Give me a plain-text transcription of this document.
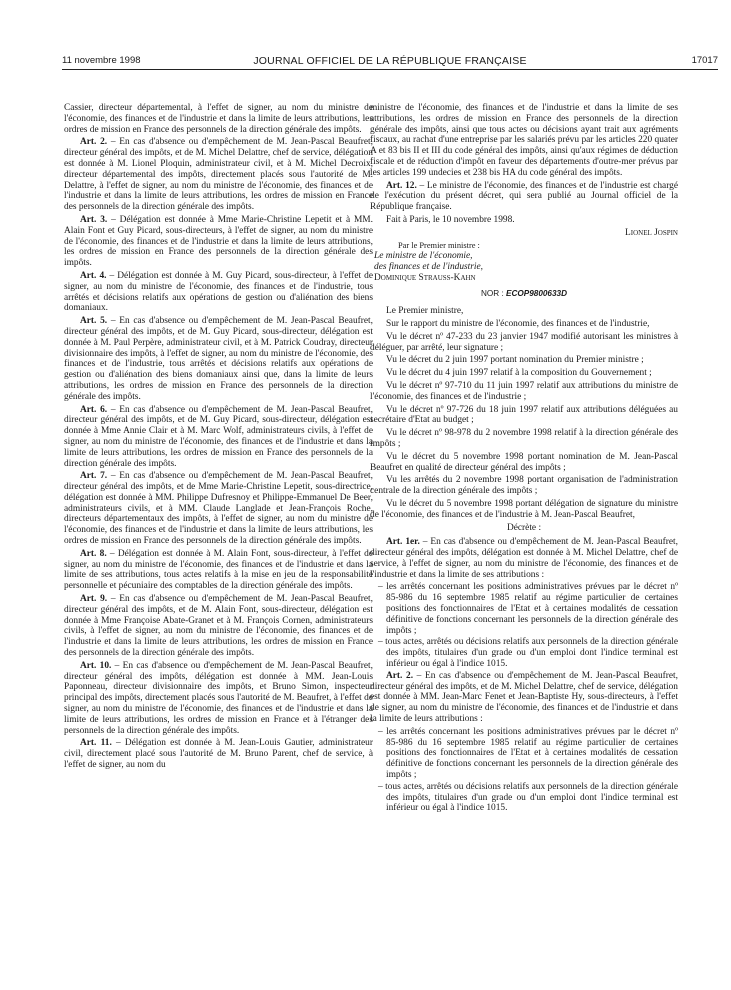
11 novembre 1998	JOURNAL OFFICIEL DE LA RÉPUBLIQUE FRANÇAISE	17017

Cassier, directeur départemental, à l'effet de signer, au nom du ministre de l'économie, des finances et de l'industrie et dans la limite de leurs attributions, les ordres de mission en France des personnels de la direction générale des impôts.

Art. 2. – En cas d'absence ou d'empêchement de M. Jean-Pascal Beaufret, directeur général des impôts, et de M. Michel Delattre, chef de service, délégation est donnée à M. Lionel Ploquin, administrateur civil, et à M. Michel Decroix, directeur départemental des impôts, directement placés sous l'autorité de M. Delattre, à l'effet de signer, au nom du ministre de l'économie, des finances et de l'industrie et dans la limite de leurs attributions, les ordres de mission en France des personnels de la direction générale des impôts.

Art. 3. – Délégation est donnée à Mme Marie-Christine Lepetit et à MM. Alain Font et Guy Picard, sous-directeurs, à l'effet de signer, au nom du ministre de l'économie, des finances et de l'industrie et dans la limite de leurs attributions, les ordres de mission en France des personnels de la direction générale des impôts.

Art. 4. – Délégation est donnée à M. Guy Picard, sous-directeur, à l'effet de signer, au nom du ministre de l'économie, des finances et de l'industrie, tous arrêtés et décisions relatifs aux opérations de gestion ou d'aliénation des biens domaniaux.

Art. 5. – En cas d'absence ou d'empêchement de M. Jean-Pascal Beaufret, directeur général des impôts, et de M. Guy Picard, sous-directeur, délégation est donnée à M. Paul Perpère, administrateur civil, et à M. Patrick Coudray, directeur divisionnaire des impôts, à l'effet de signer, au nom du ministre de l'économie, des finances et de l'industrie, tous arrêtés et décisions relatifs aux opérations de gestion ou d'aliénation des biens domaniaux ainsi que, dans la limite de leurs attributions, les ordres de mission en France des personnels de la direction générale des impôts.

Art. 6. – En cas d'absence ou d'empêchement de M. Jean-Pascal Beaufret, directeur général des impôts, et de M. Guy Picard, sous-directeur, délégation est donnée à Mme Annie Clair et à M. Marc Wolf, administrateurs civils, à l'effet de signer, au nom du ministre de l'économie, des finances et de l'industrie et dans la limite de leurs attributions, les ordres de mission en France des personnels de la direction générale des impôts.

Art. 7. – En cas d'absence ou d'empêchement de M. Jean-Pascal Beaufret, directeur général des impôts, et de Mme Marie-Christine Lepetit, sous-directrice, délégation est donnée à MM. Philippe Dufresnoy et Philippe-Emmanuel De Beer, administrateurs civils, et à MM. Claude Langlade et Jean-François Roche, directeurs départementaux des impôts, à l'effet de signer, au nom du ministre de l'économie, des finances et de l'industrie et dans la limite de leurs attributions, les ordres de mission en France des personnels de la direction générale des impôts.

Art. 8. – Délégation est donnée à M. Alain Font, sous-directeur, à l'effet de signer, au nom du ministre de l'économie, des finances et de l'industrie et dans la limite de ses attributions, tous actes relatifs à la mise en jeu de la responsabilité personnelle et pécuniaire des comptables de la direction générale des impôts.

Art. 9. – En cas d'absence ou d'empêchement de M. Jean-Pascal Beaufret, directeur général des impôts, et de M. Alain Font, sous-directeur, délégation est donnée à Mme Françoise Abate-Granet et à M. François Cornen, administrateurs civils, à l'effet de signer, au nom du ministre de l'économie, des finances et de l'industrie et dans la limite de leurs attributions, les ordres de mission en France des personnels de la direction générale des impôts.

Art. 10. – En cas d'absence ou d'empêchement de M. Jean-Pascal Beaufret, directeur général des impôts, délégation est donnée à MM. Jean-Louis Paponneau, directeur divisionnaire des impôts, et Bruno Simon, inspecteur principal des impôts, directement placés sous l'autorité de M. Beaufret, à l'effet de signer, au nom du ministre de l'économie, des finances et de l'industrie et dans la limite de leurs attributions, les ordres de mission en France et à l'étranger des personnels de la direction générale des impôts.

Art. 11. – Délégation est donnée à M. Jean-Louis Gautier, administrateur civil, directement placé sous l'autorité de M. Bruno Parent, chef de service, à l'effet de signer, au nom du

ministre de l'économie, des finances et de l'industrie et dans la limite de ses attributions, les ordres de mission en France des personnels de la direction générale des impôts, ainsi que tous actes ou décisions ayant trait aux agréments fiscaux, au rachat d'une entreprise par les salariés prévu par les articles 220 quater A et 83 bis II et III du code général des impôts, ainsi qu'aux régimes de déduction fiscale et de réduction d'impôt en faveur des départements d'outre-mer prévus par les articles 199 undecies et 238 bis HA du code général des impôts.

Art. 12. – Le ministre de l'économie, des finances et de l'industrie est chargé de l'exécution du présent décret, qui sera publié au Journal officiel de la République française.

Fait à Paris, le 10 novembre 1998.

Lionel Jospin

Par le Premier ministre :

Le ministre de l'économie,

des finances et de l'industrie,

Dominique Strauss-Kahn

NOR : ECOP9800633D

Le Premier ministre,

Sur le rapport du ministre de l'économie, des finances et de l'industrie,

Vu le décret nº 47-233 du 23 janvier 1947 modifié autorisant les ministres à déléguer, par arrêté, leur signature ;

Vu le décret du 2 juin 1997 portant nomination du Premier ministre ;

Vu le décret du 4 juin 1997 relatif à la composition du Gouvernement ;

Vu le décret nº 97-710 du 11 juin 1997 relatif aux attributions du ministre de l'économie, des finances et de l'industrie ;

Vu le décret nº 97-726 du 18 juin 1997 relatif aux attributions déléguées au secrétaire d'Etat au budget ;

Vu le décret nº 98-978 du 2 novembre 1998 relatif à la direction générale des impôts ;

Vu le décret du 5 novembre 1998 portant nomination de M. Jean-Pascal Beaufret en qualité de directeur général des impôts ;

Vu les arrêtés du 2 novembre 1998 portant organisation de l'administration centrale de la direction générale des impôts ;

Vu le décret du 5 novembre 1998 portant délégation de signature du ministre de l'économie, des finances et de l'industrie à M. Jean-Pascal Beaufret,

Décrète :

Art. 1er. – En cas d'absence ou d'empêchement de M. Jean-Pascal Beaufret, directeur général des impôts, délégation est donnée à M. Michel Delattre, chef de service, à l'effet de signer, au nom du ministre de l'économie, des finances et de l'industrie et dans la limite de ses attributions :

– les arrêtés concernant les positions administratives prévues par le décret nº 85-986 du 16 septembre 1985 relatif au régime particulier de certaines positions des fonctionnaires de l'Etat et à certaines modalités de cessation définitive de fonctions concernant les personnels de la direction générale des impôts ;

– tous actes, arrêtés ou décisions relatifs aux personnels de la direction générale des impôts, titulaires d'un grade ou d'un emploi dont l'indice terminal est inférieur ou égal à l'indice 1015.

Art. 2. – En cas d'absence ou d'empêchement de M. Jean-Pascal Beaufret, directeur général des impôts, et de M. Michel Delattre, chef de service, délégation est donnée à MM. Jean-Marc Fenet et Jean-Baptiste Hy, sous-directeurs, à l'effet de signer, au nom du ministre de l'économie, des finances et de l'industrie et dans la limite de leurs attributions :

– les arrêtés concernant les positions administratives prévues par le décret nº 85-986 du 16 septembre 1985 relatif au régime particulier de certaines positions des fonctionnaires de l'Etat et à certaines modalités de cessation définitive de fonctions concernant les personnels de la direction générale des impôts ;

– tous actes, arrêtés ou décisions relatifs aux personnels de la direction générale des impôts, titulaires d'un grade ou d'un emploi dont l'indice terminal est inférieur ou égal à l'indice 1015.
